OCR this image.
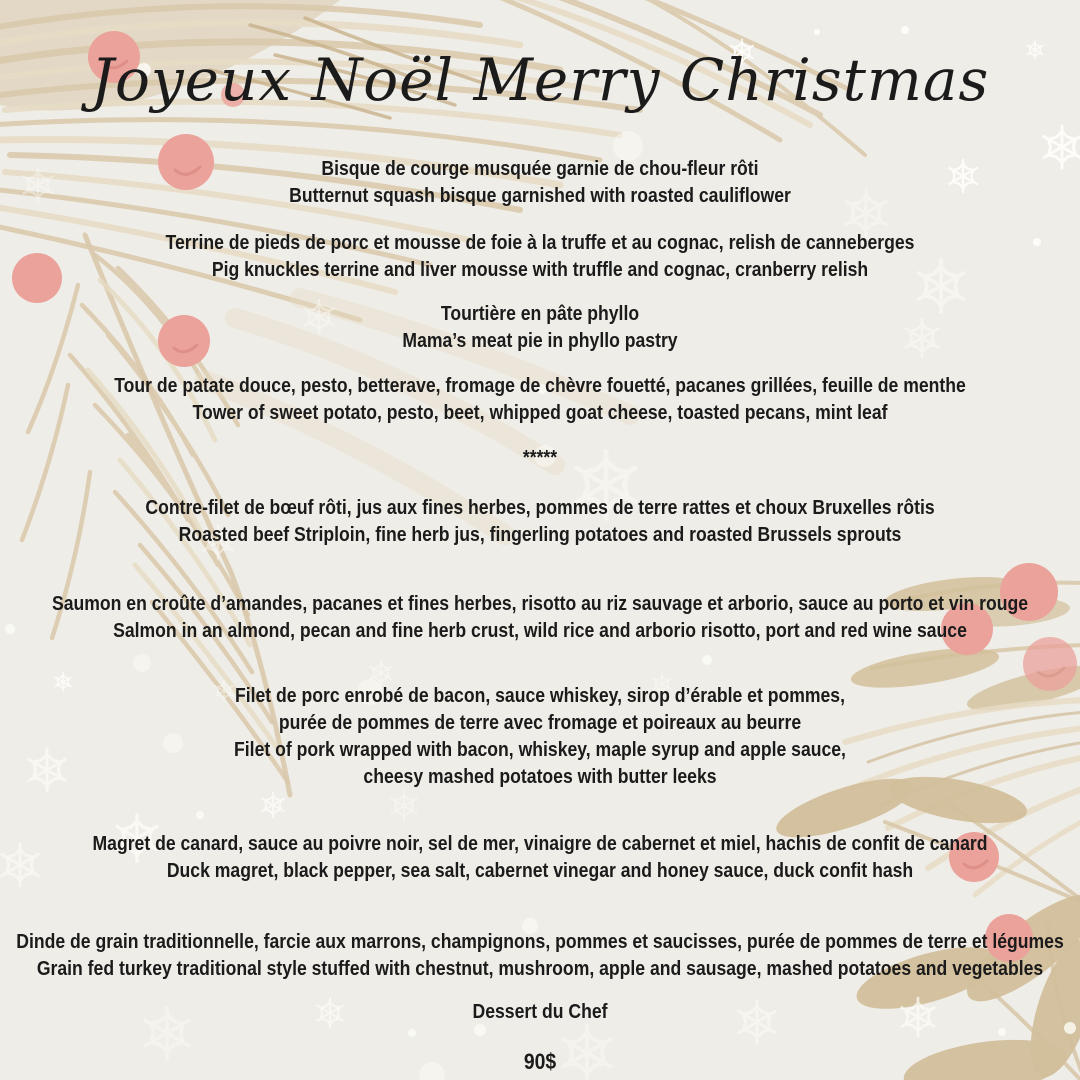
Joyeux Noël Merry Christmas
Bisque de courge musquée garnie de chou-fleur rôti
Butternut squash bisque garnished with roasted cauliflower
Terrine de pieds de porc et mousse de foie à la truffe et au cognac, relish de canneberges
Pig knuckles terrine and liver mousse with truffle and cognac, cranberry relish
Tourtière en pâte phyllo
Mama’s meat pie in phyllo pastry
Tour de patate douce, pesto, betterave, fromage de chèvre fouetté, pacanes grillées, feuille de menthe
Tower of sweet potato, pesto, beet, whipped goat cheese, toasted pecans, mint leaf
*****
Contre-filet de bœuf rôti, jus aux fines herbes, pommes de terre rattes et choux Bruxelles rôtis
Roasted beef Striploin, fine herb jus, fingerling potatoes and roasted Brussels sprouts
Saumon en croûte d’amandes, pacanes et fines herbes, risotto au riz sauvage et arborio, sauce au porto et vin rouge
Salmon in an almond, pecan and fine herb crust, wild rice and arborio risotto, port and red wine sauce
Filet de porc enrobé de bacon, sauce whiskey, sirop d’érable et pommes,
purée de pommes de terre avec fromage et poireaux au beurre
Filet of pork wrapped with bacon, whiskey, maple syrup and apple sauce,
cheesy mashed potatoes with butter leeks
Magret de canard, sauce au poivre noir, sel de mer, vinaigre de cabernet et miel, hachis de confit de canard
Duck magret, black pepper, sea salt, cabernet vinegar and honey sauce, duck confit hash
Dinde de grain traditionnelle, farcie aux marrons, champignons, pommes et saucisses, purée de pommes de terre et légumes
Grain fed turkey traditional style stuffed with chestnut, mushroom, apple and sausage, mashed potatoes and vegetables
Dessert du Chef
90$
